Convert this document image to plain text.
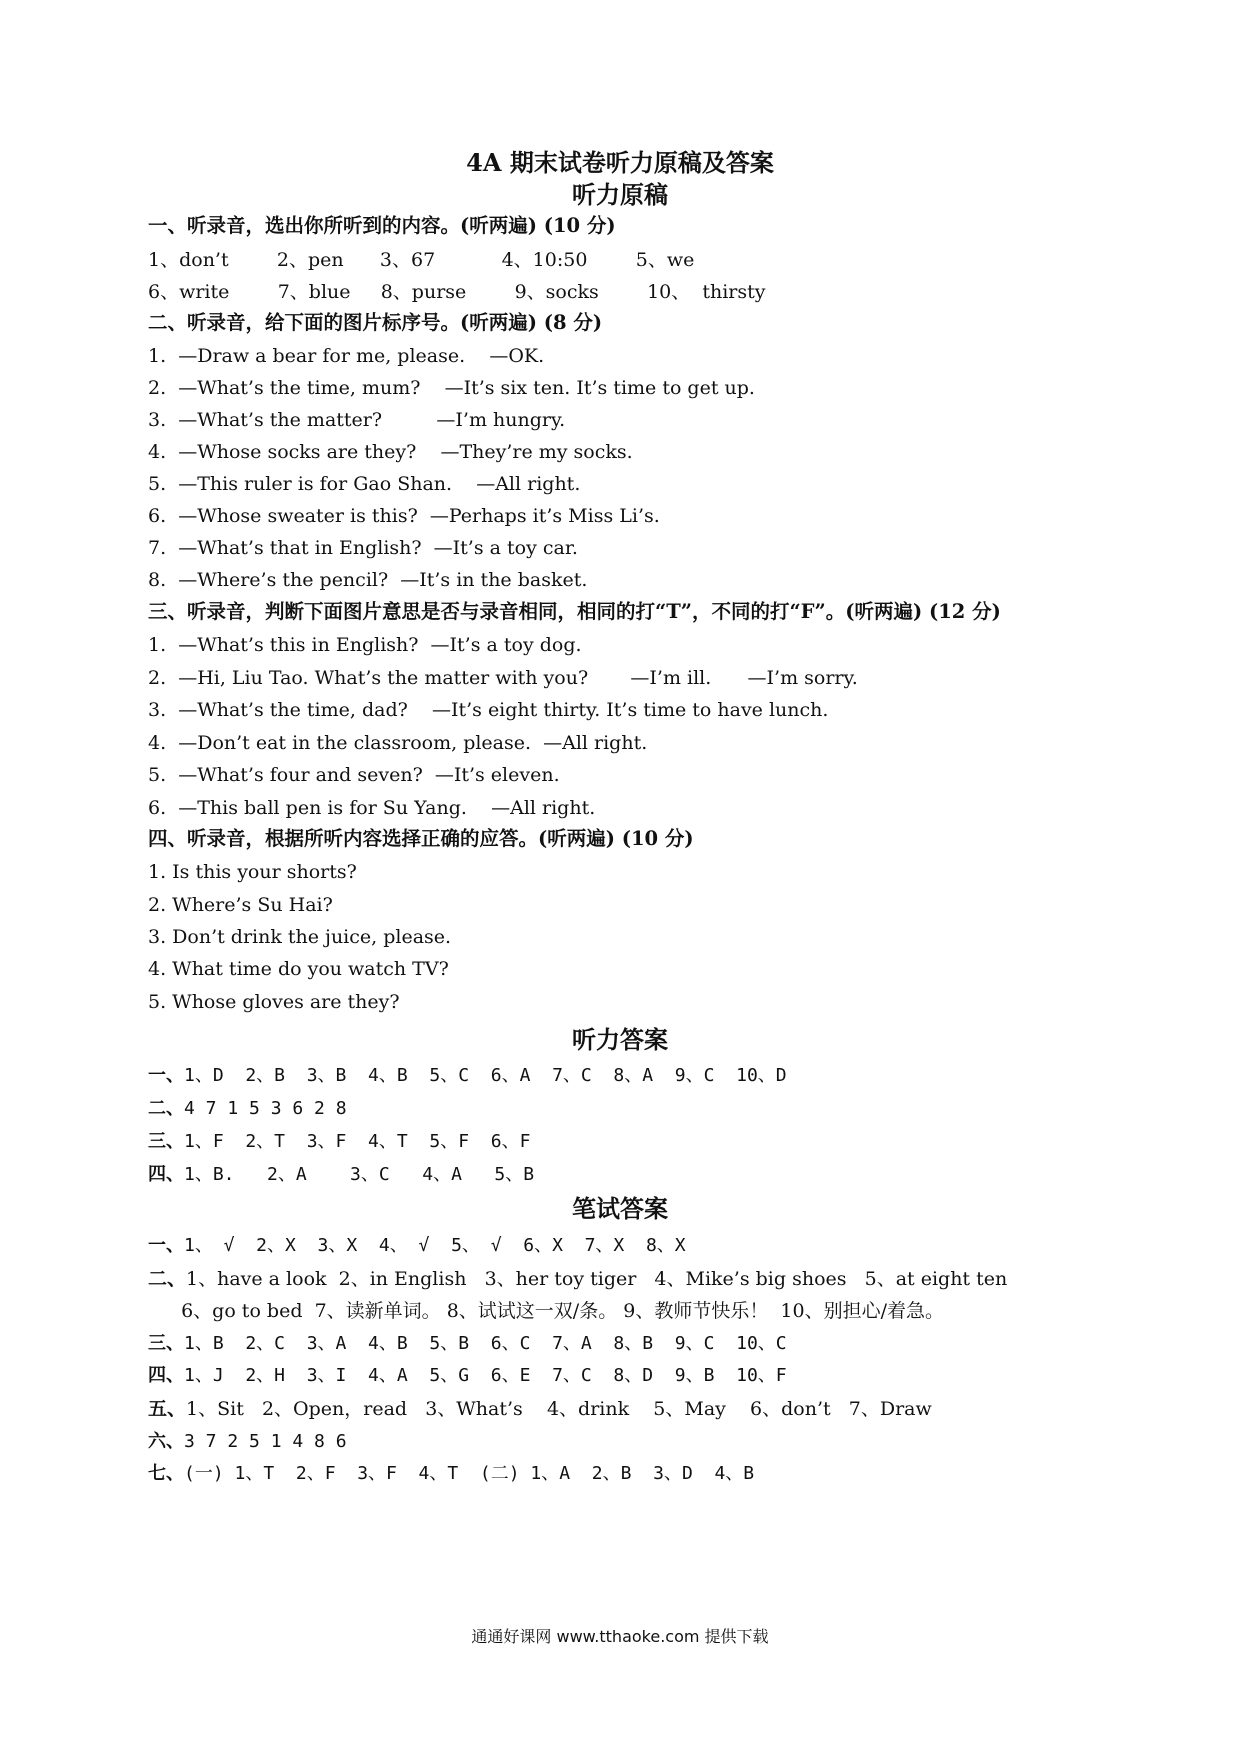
4A 期末试卷听力原稿及答案
听力原稿
一、听录音，选出你所听到的内容。(听两遍) (10 分)
1、don’t        2、pen      3、67           4、10:50        5、we
6、write        7、blue     8、purse        9、socks        10、  thirsty
二、听录音，给下面的图片标序号。(听两遍) (8 分)
1.  —Draw a bear for me, please.    —OK.
2.  —What’s the time, mum?    —It’s six ten. It’s time to get up.
3.  —What’s the matter?         —I’m hungry.
4.  —Whose socks are they?    —They’re my socks.
5.  —This ruler is for Gao Shan.    —All right.
6.  —Whose sweater is this?  —Perhaps it’s Miss Li’s.
7.  —What’s that in English?  —It’s a toy car.
8.  —Where’s the pencil?  —It’s in the basket.
三、听录音，判断下面图片意思是否与录音相同，相同的打“T”，不同的打“F”。(听两遍) (12 分)
1.  —What’s this in English?  —It’s a toy dog.
2.  —Hi, Liu Tao. What’s the matter with you?       —I’m ill.      —I’m sorry.
3.  —What’s the time, dad?    —It’s eight thirty. It’s time to have lunch.
4.  —Don’t eat in the classroom, please.  —All right.
5.  —What’s four and seven?  —It’s eleven.
6.  —This ball pen is for Su Yang.    —All right.
四、听录音，根据所听内容选择正确的应答。(听两遍) (10 分)
1. Is this your shorts?
2. Where’s Su Hai?
3. Don’t drink the juice, please.
4. What time do you watch TV?
5. Whose gloves are they?
听力答案
一、1、D  2、B  3、B  4、B  5、C  6、A  7、C  8、A  9、C  10、D
二、4 7 1 5 3 6 2 8
三、1、F  2、T  3、F  4、T  5、F  6、F
四、1、B.   2、A    3、C   4、A   5、B
笔试答案
一、1、 √  2、X  3、X  4、 √  5、 √  6、X  7、X  8、X
二、1、have a look  2、in English   3、her toy tiger   4、Mike’s big shoes   5、at eight ten
6、go to bed  7、读新单词。 8、试试这一双/条。 9、教师节快乐！  10、别担心/着急。
三、1、B  2、C  3、A  4、B  5、B  6、C  7、A  8、B  9、C  10、C
四、1、J  2、H  3、I  4、A  5、G  6、E  7、C  8、D  9、B  10、F
五、1、Sit   2、Open，read   3、What’s    4、drink    5、May    6、don’t   7、Draw
六、3 7 2 5 1 4 8 6
七、(一) 1、T  2、F  3、F  4、T  (二) 1、A  2、B  3、D  4、B
通通好课网 www.tthaoke.com 提供下载
